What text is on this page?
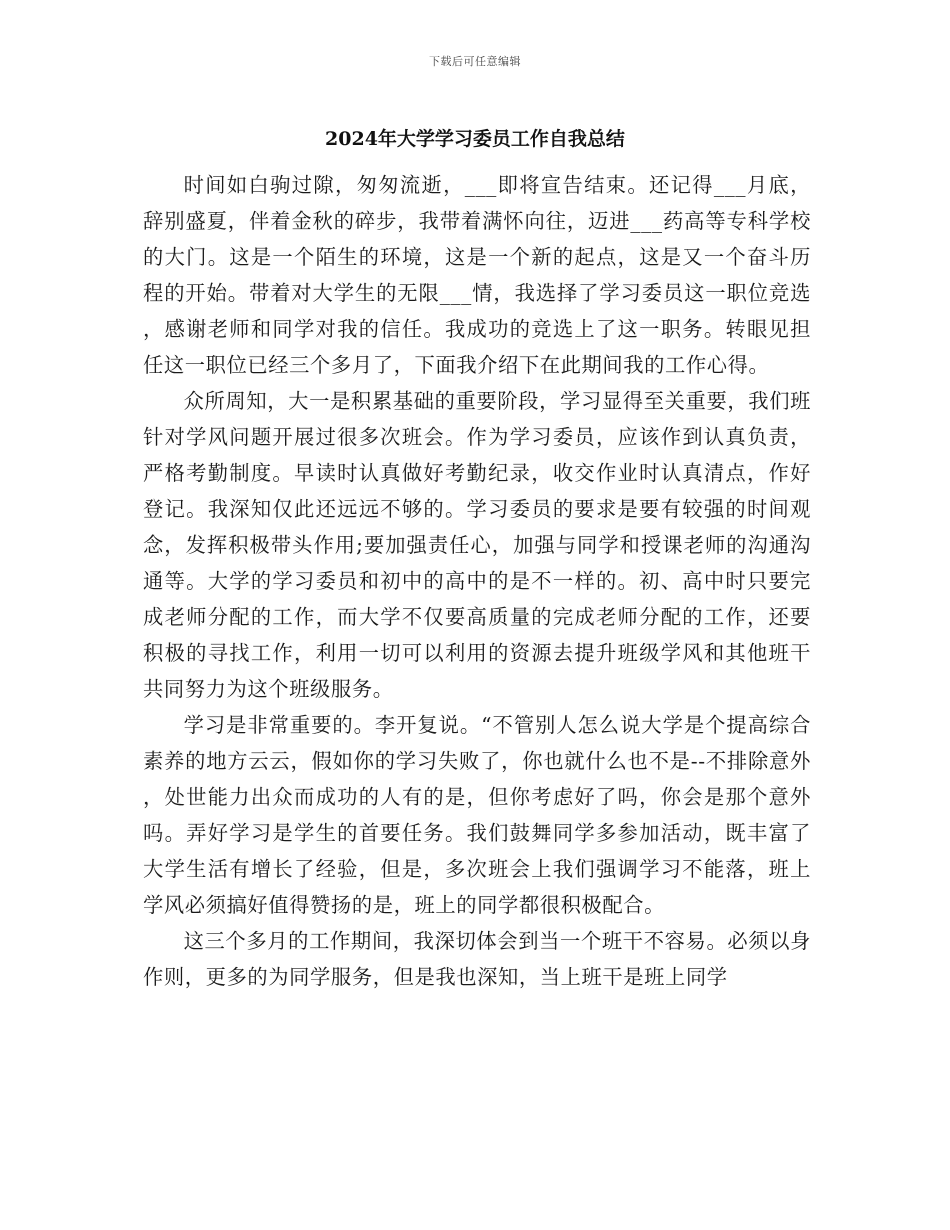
下载后可任意编辑
2024年大学学习委员工作自我总结

时间如白驹过隙，匆匆流逝，___即将宣告结束。还记得___月底，辞别盛夏，伴着金秋的碎步，我带着满怀向往，迈进___药高等专科学校的大门。这是一个陌生的环境，这是一个新的起点，这是又一个奋斗历程的开始。带着对大学生的无限___情，我选择了学习委员这一职位竞选，感谢老师和同学对我的信任。我成功的竞选上了这一职务。转眼见担任这一职位已经三个多月了，下面我介绍下在此期间我的工作心得。

众所周知，大一是积累基础的重要阶段，学习显得至关重要，我们班针对学风问题开展过很多次班会。作为学习委员，应该作到认真负责，严格考勤制度。早读时认真做好考勤纪录，收交作业时认真清点，作好登记。我深知仅此还远远不够的。学习委员的要求是要有较强的时间观念，发挥积极带头作用;要加强责任心，加强与同学和授课老师的沟通沟通等。大学的学习委员和初中的高中的是不一样的。初、高中时只要完成老师分配的工作，而大学不仅要高质量的完成老师分配的工作，还要积极的寻找工作，利用一切可以利用的资源去提升班级学风和其他班干共同努力为这个班级服务。

学习是非常重要的。李开复说。“不管别人怎么说大学是个提高综合素养的地方云云，假如你的学习失败了，你也就什么也不是--不排除意外，处世能力出众而成功的人有的是，但你考虑好了吗，你会是那个意外吗。弄好学习是学生的首要任务。我们鼓舞同学多参加活动，既丰富了大学生活有增长了经验，但是，多次班会上我们强调学习不能落，班上学风必须搞好值得赞扬的是，班上的同学都很积极配合。

这三个多月的工作期间，我深切体会到当一个班干不容易。必须以身作则，更多的为同学服务，但是我也深知，当上班干是班上同学
